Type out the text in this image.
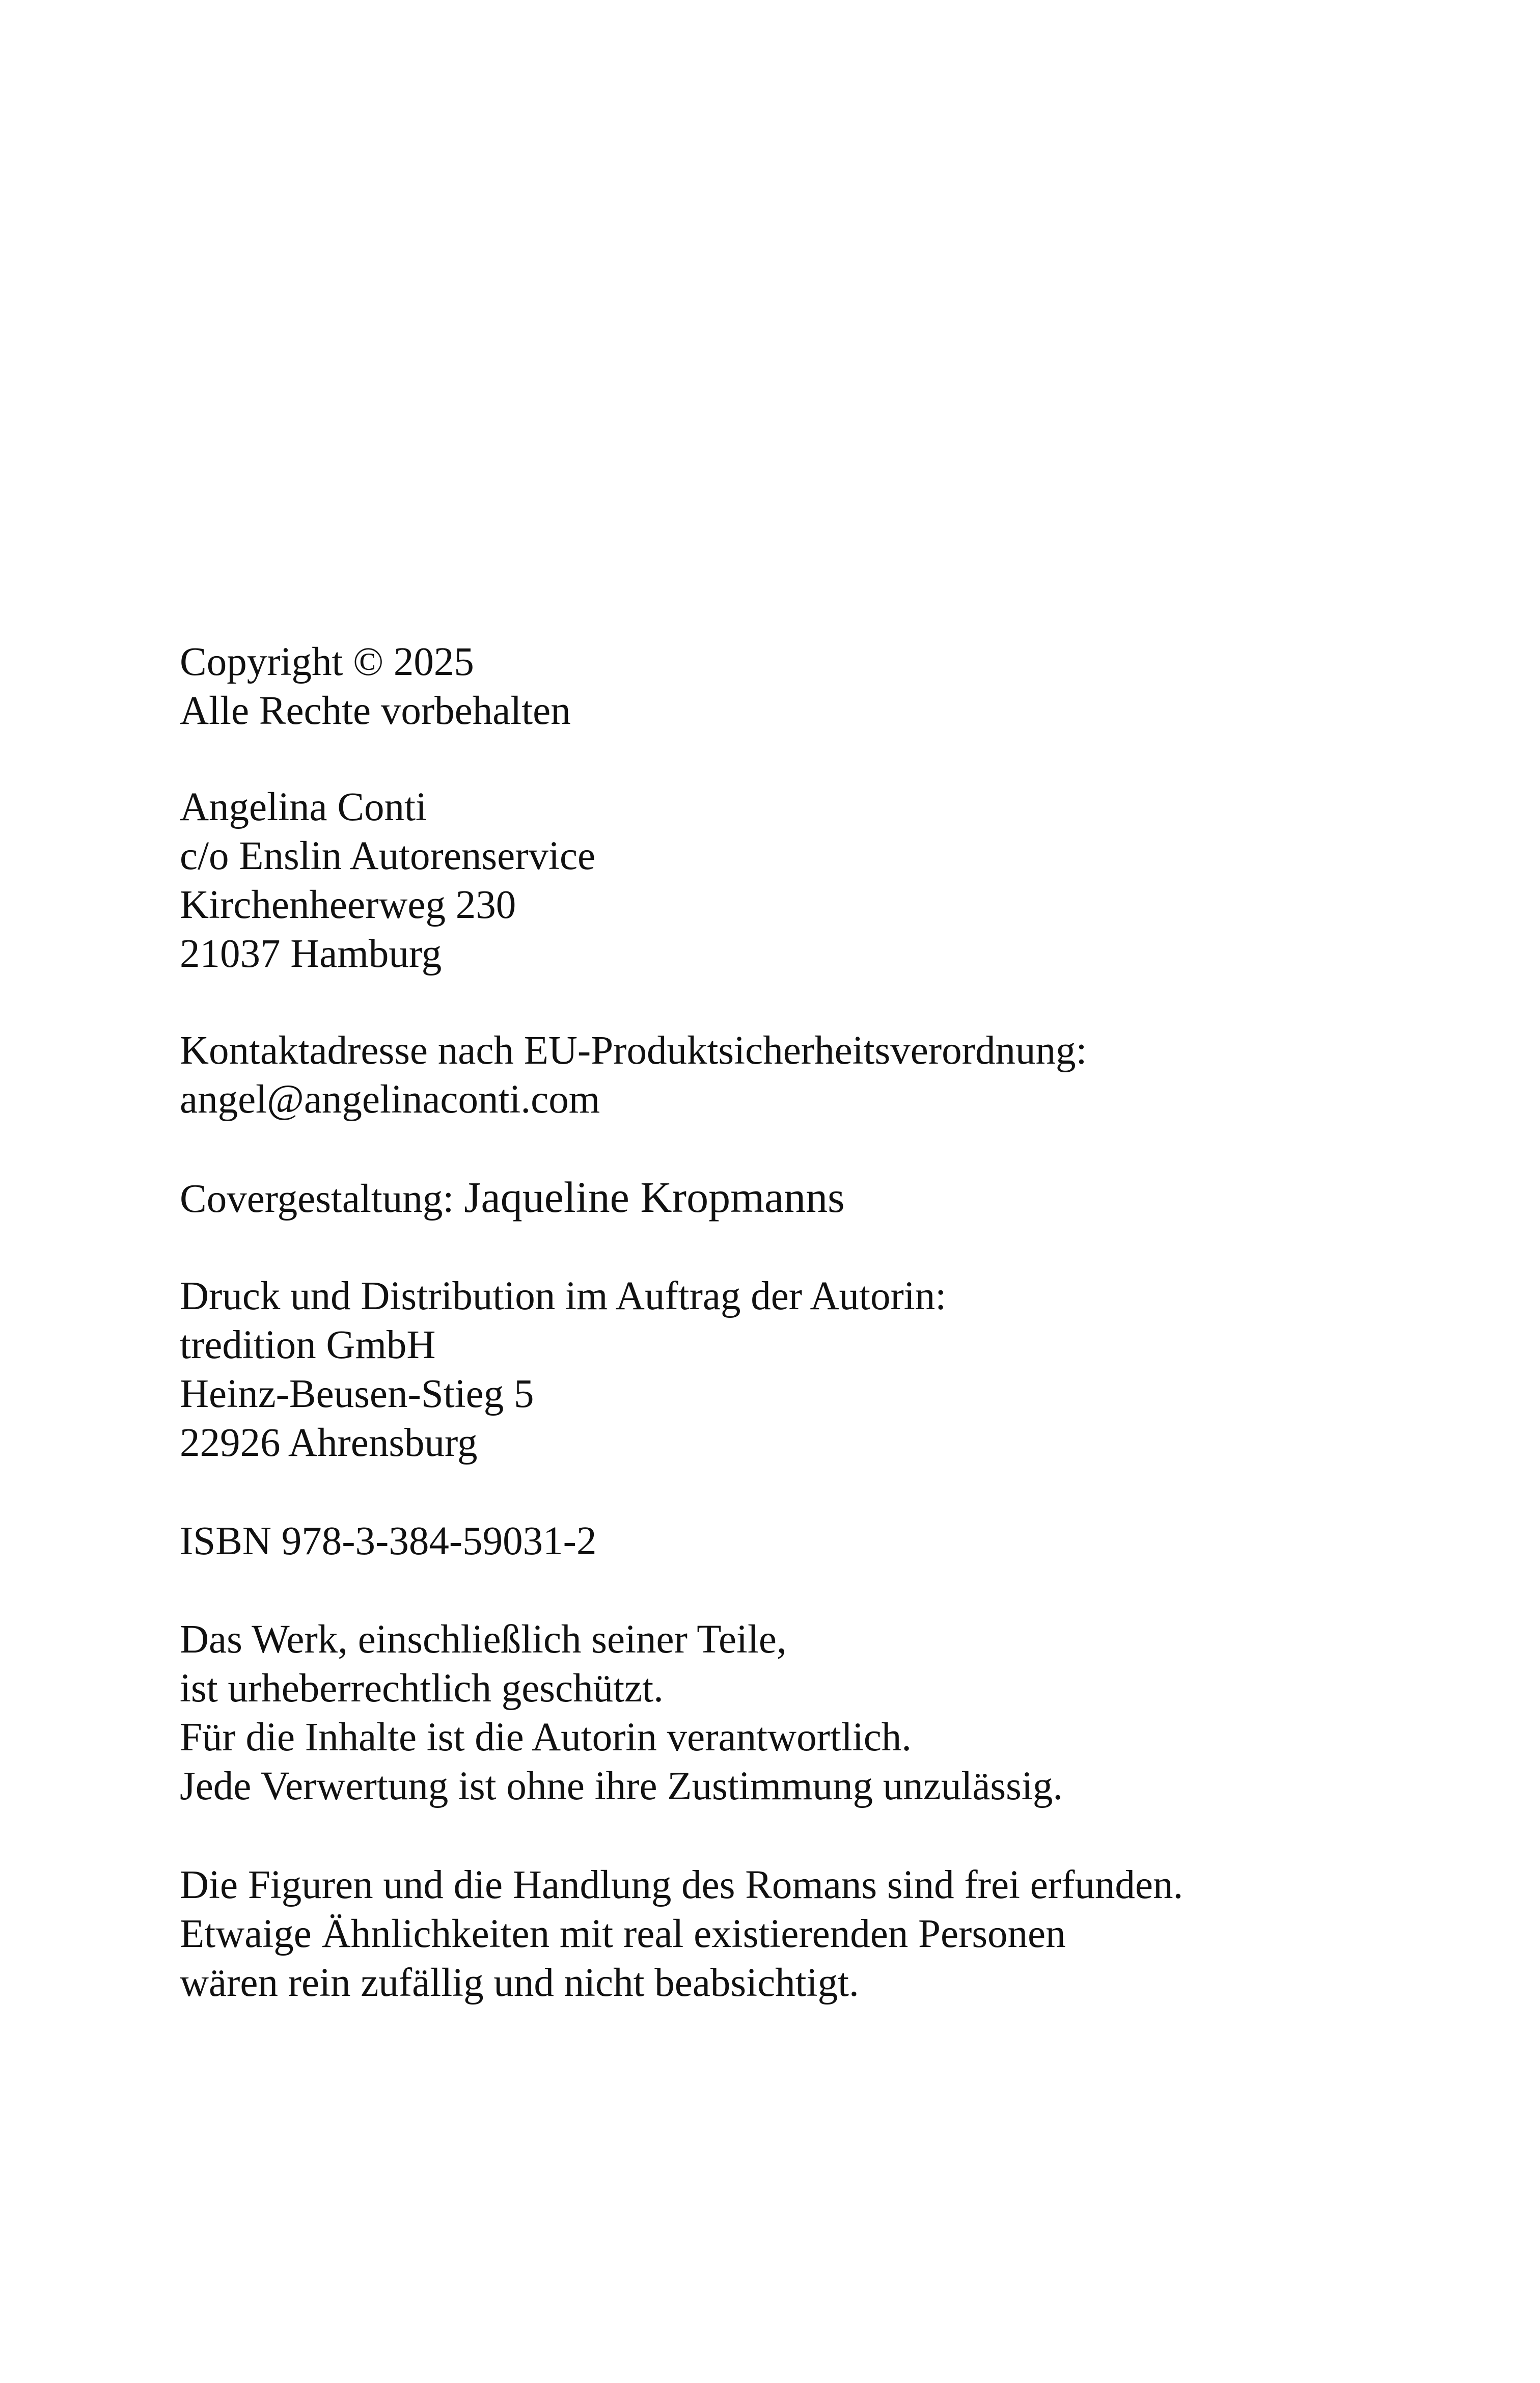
Copyright © 2025
Alle Rechte vorbehalten
Angelina Conti
c/o Enslin Autorenservice
Kirchenheerweg 230
21037 Hamburg
Kontaktadresse nach EU-Produktsicherheitsverordnung:
angel@angelinaconti.com
Covergestaltung: Jaqueline Kropmanns
Druck und Distribution im Auftrag der Autorin:
tredition GmbH
Heinz-Beusen-Stieg 5
22926 Ahrensburg
ISBN 978-3-384-59031-2
Das Werk, einschließlich seiner Teile,
ist urheberrechtlich geschützt.
Für die Inhalte ist die Autorin verantwortlich.
Jede Verwertung ist ohne ihre Zustimmung unzulässig.
Die Figuren und die Handlung des Romans sind frei erfunden.
Etwaige Ähnlichkeiten mit real existierenden Personen
wären rein zufällig und nicht beabsichtigt.
